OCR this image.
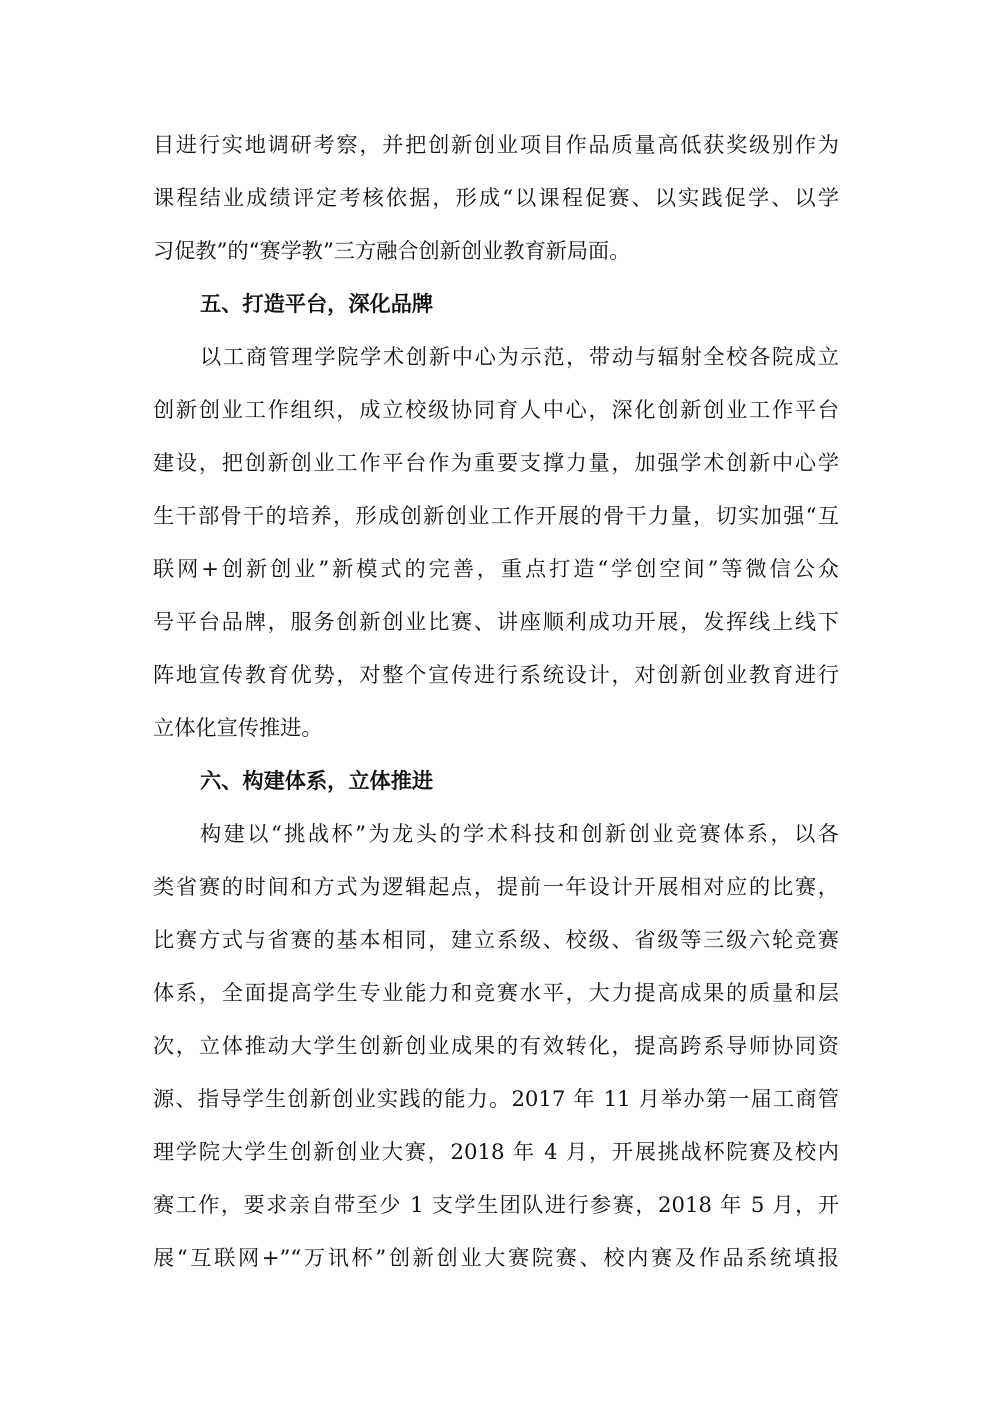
目进行实地调研考察，并把创新创业项目作品质量高低获奖级别作为
课程结业成绩评定考核依据，形成“以课程促赛、以实践促学、以学
习促教”的“赛学教”三方融合创新创业教育新局面。
五、打造平台，深化品牌
以工商管理学院学术创新中心为示范，带动与辐射全校各院成立
创新创业工作组织，成立校级协同育人中心，深化创新创业工作平台
建设，把创新创业工作平台作为重要支撑力量，加强学术创新中心学
生干部骨干的培养，形成创新创业工作开展的骨干力量，切实加强“互
联网+创新创业”新模式的完善，重点打造“学创空间”等微信公众
号平台品牌，服务创新创业比赛、讲座顺利成功开展，发挥线上线下
阵地宣传教育优势，对整个宣传进行系统设计，对创新创业教育进行
立体化宣传推进。
六、构建体系，立体推进
构建以“挑战杯”为龙头的学术科技和创新创业竞赛体系，以各
类省赛的时间和方式为逻辑起点，提前一年设计开展相对应的比赛，
比赛方式与省赛的基本相同，建立系级、校级、省级等三级六轮竞赛
体系，全面提高学生专业能力和竞赛水平，大力提高成果的质量和层
次，立体推动大学生创新创业成果的有效转化，提高跨系导师协同资
源、指导学生创新创业实践的能力。2017 年 11 月举办第一届工商管
理学院大学生创新创业大赛，2018 年 4 月，开展挑战杯院赛及校内
赛工作，要求亲自带至少 1 支学生团队进行参赛，2018 年 5 月，开
展“互联网+”“万讯杯”创新创业大赛院赛、校内赛及作品系统填报
